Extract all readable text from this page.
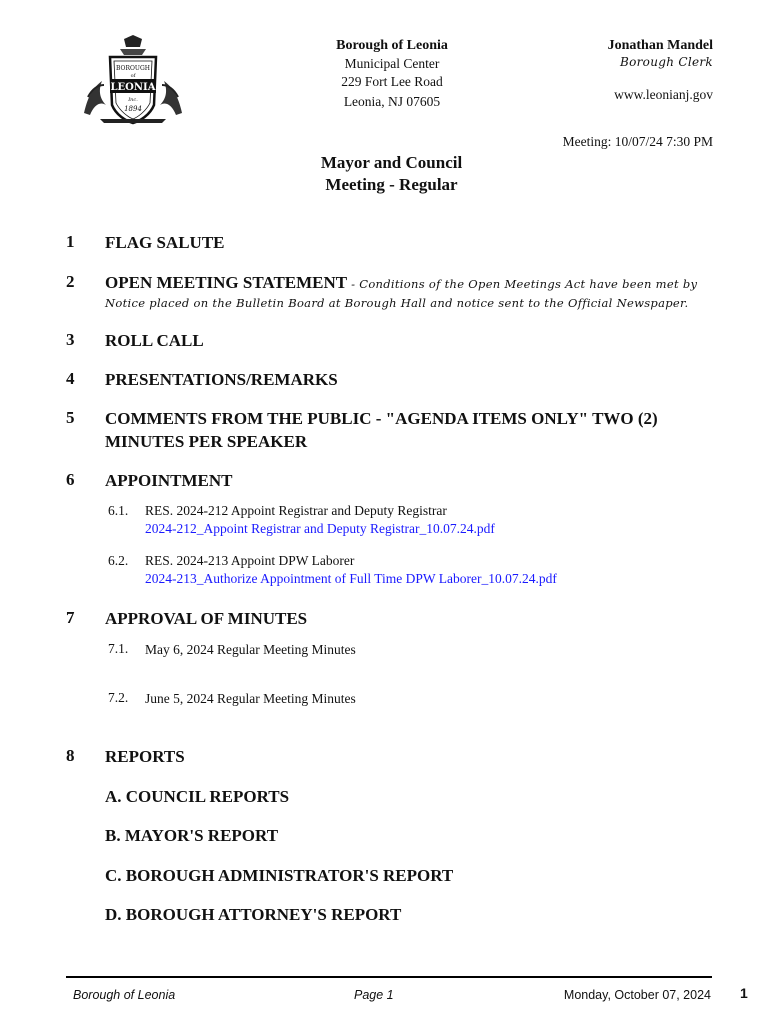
BOROUGH
of
LEONIA
Inc.
1894
Borough of Leonia
Municipal Center
229 Fort Lee Road
Leonia, NJ 07605
Jonathan Mandel
Borough Clerk
www.leonianj.gov
Meeting: 10/07/24 7:30 PM
Mayor and Council
Meeting - Regular
1	FLAG SALUTE
2	OPEN MEETING STATEMENT - Conditions of the Open Meetings Act have been met by
Notice placed on the Bulletin Board at Borough Hall and notice sent to the Official Newspaper.
3	ROLL CALL
4	PRESENTATIONS/REMARKS
5	COMMENTS FROM THE PUBLIC - "AGENDA ITEMS ONLY" TWO (2)
MINUTES PER SPEAKER
6	APPOINTMENT
6.1. RES. 2024-212 Appoint Registrar and Deputy Registrar
2024-212_Appoint Registrar and Deputy Registrar_10.07.24.pdf
6.2. RES. 2024-213 Appoint DPW Laborer
2024-213_Authorize Appointment of Full Time DPW Laborer_10.07.24.pdf
7	APPROVAL OF MINUTES
7.1. May 6, 2024 Regular Meeting Minutes
7.2. June 5, 2024 Regular Meeting Minutes
8	REPORTS
A. COUNCIL REPORTS
B. MAYOR'S REPORT
C. BOROUGH ADMINISTRATOR'S REPORT
D. BOROUGH ATTORNEY'S REPORT
Borough of Leonia	Page 1	Monday, October 07, 2024 1
